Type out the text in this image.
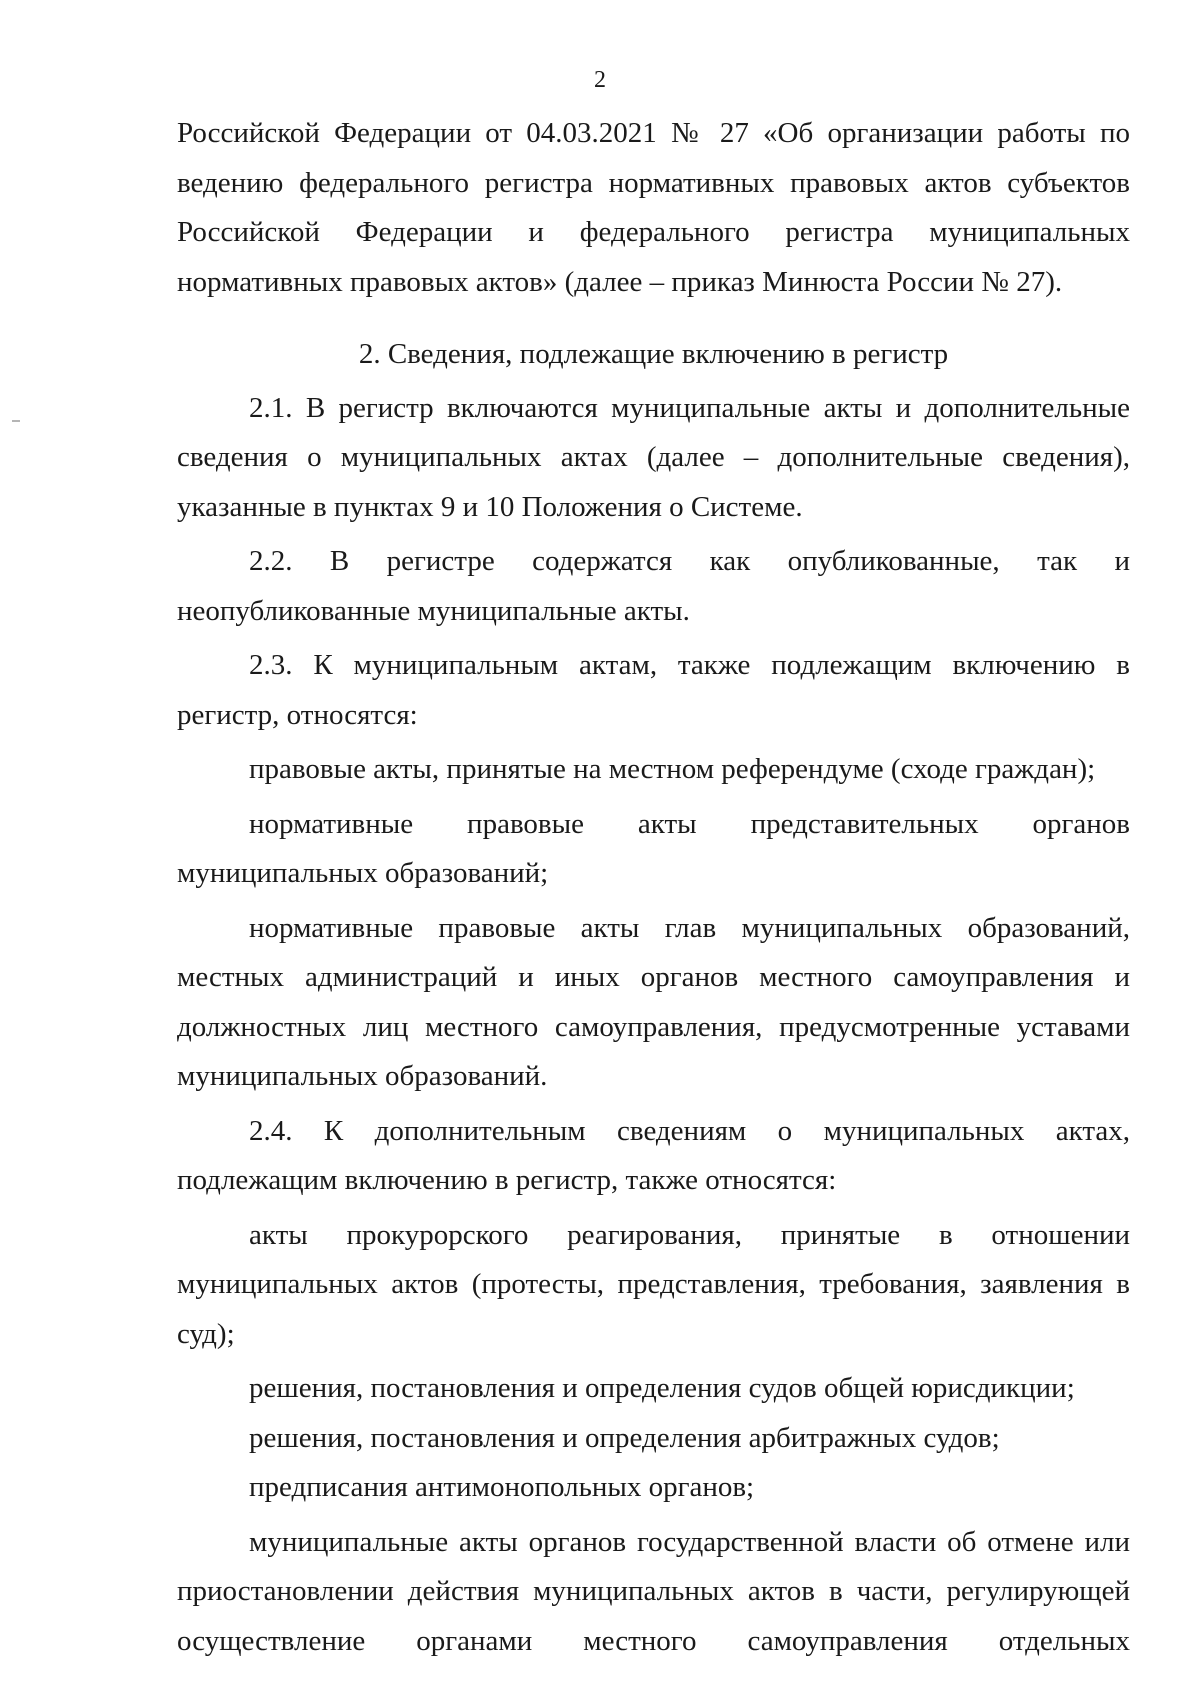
2

Российской Федерации от 04.03.2021 № 27 «Об организации работы по ведению федерального регистра нормативных правовых актов субъектов Российской Федерации и федерального регистра муниципальных нормативных правовых актов» (далее – приказ Минюста России № 27).

2. Сведения, подлежащие включению в регистр

2.1. В регистр включаются муниципальные акты и дополнительные сведения о муниципальных актах (далее – дополнительные сведения), указанные в пунктах 9 и 10 Положения о Системе.

2.2. В регистре содержатся как опубликованные, так и неопубликованные муниципальные акты.

2.3. К муниципальным актам, также подлежащим включению в регистр, относятся:

правовые акты, принятые на местном референдуме (сходе граждан);

нормативные правовые акты представительных органов муниципальных образований;

нормативные правовые акты глав муниципальных образований, местных администраций и иных органов местного самоуправления и должностных лиц местного самоуправления, предусмотренные уставами муниципальных образований.

2.4. К дополнительным сведениям о муниципальных актах, подлежащим включению в регистр, также относятся:

акты прокурорского реагирования, принятые в отношении муниципальных актов (протесты, представления, требования, заявления в суд);

решения, постановления и определения судов общей юрисдикции;

решения, постановления и определения арбитражных судов;

предписания антимонопольных органов;

муниципальные акты органов государственной власти об отмене или приостановлении действия муниципальных актов в части, регулирующей осуществление органами местного самоуправления отдельных
